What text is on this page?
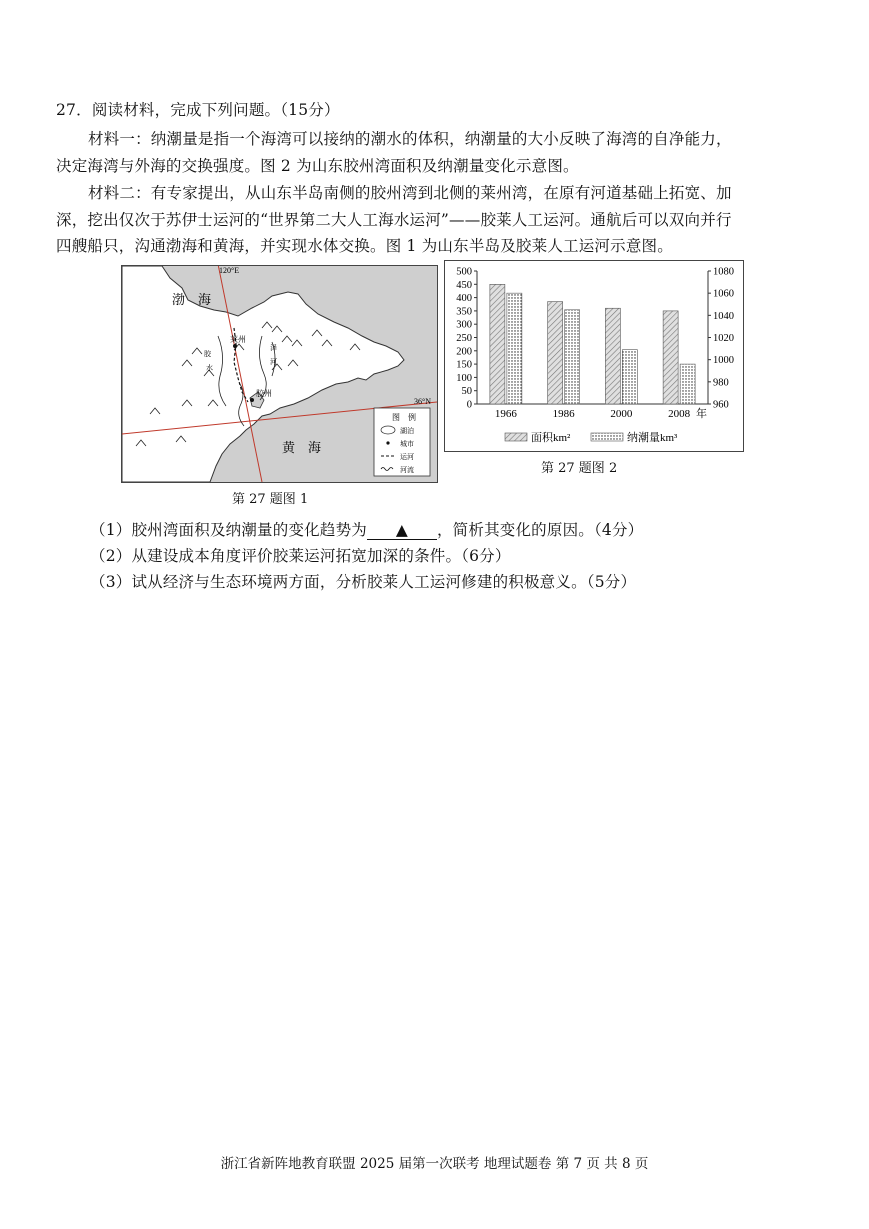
27．阅读材料，完成下列问题。（15分）
材料一：纳潮量是指一个海湾可以接纳的潮水的体积，纳潮量的大小反映了海湾的自净能力，
决定海湾与外海的交换强度。图 2 为山东胶州湾面积及纳潮量变化示意图。
材料二：有专家提出，从山东半岛南侧的胶州湾到北侧的莱州湾，在原有河道基础上拓宽、加
深，挖出仅次于苏伊士运河的“世界第二大人工海水运河”——胶莱人工运河。通航后可以双向并行
四艘船只，沟通渤海和黄海，并实现水体交换。图 1 为山东半岛及胶莱人工运河示意图。
120°E
36°N
渤　海
黄　海
莱州
胶州
胶
水
泽
河
图　例
湖泊
城市
运河
河流
第 27 题图 1
0
50
100
150
200
250
300
350
400
450
500
960
980
1000
1020
1040
1060
1080
1966	1986	2000	2008 年
面积km²	纳潮量km³
第 27 题图 2
（1）胶州湾面积及纳潮量的变化趋势为 ▲ ，简析其变化的原因。（4分）
（2）从建设成本角度评价胶莱运河拓宽加深的条件。（6分）
（3）试从经济与生态环境两方面，分析胶莱人工运河修建的积极意义。（5分）
浙江省新阵地教育联盟 2025 届第一次联考 地理试题卷 第 7 页 共 8 页
